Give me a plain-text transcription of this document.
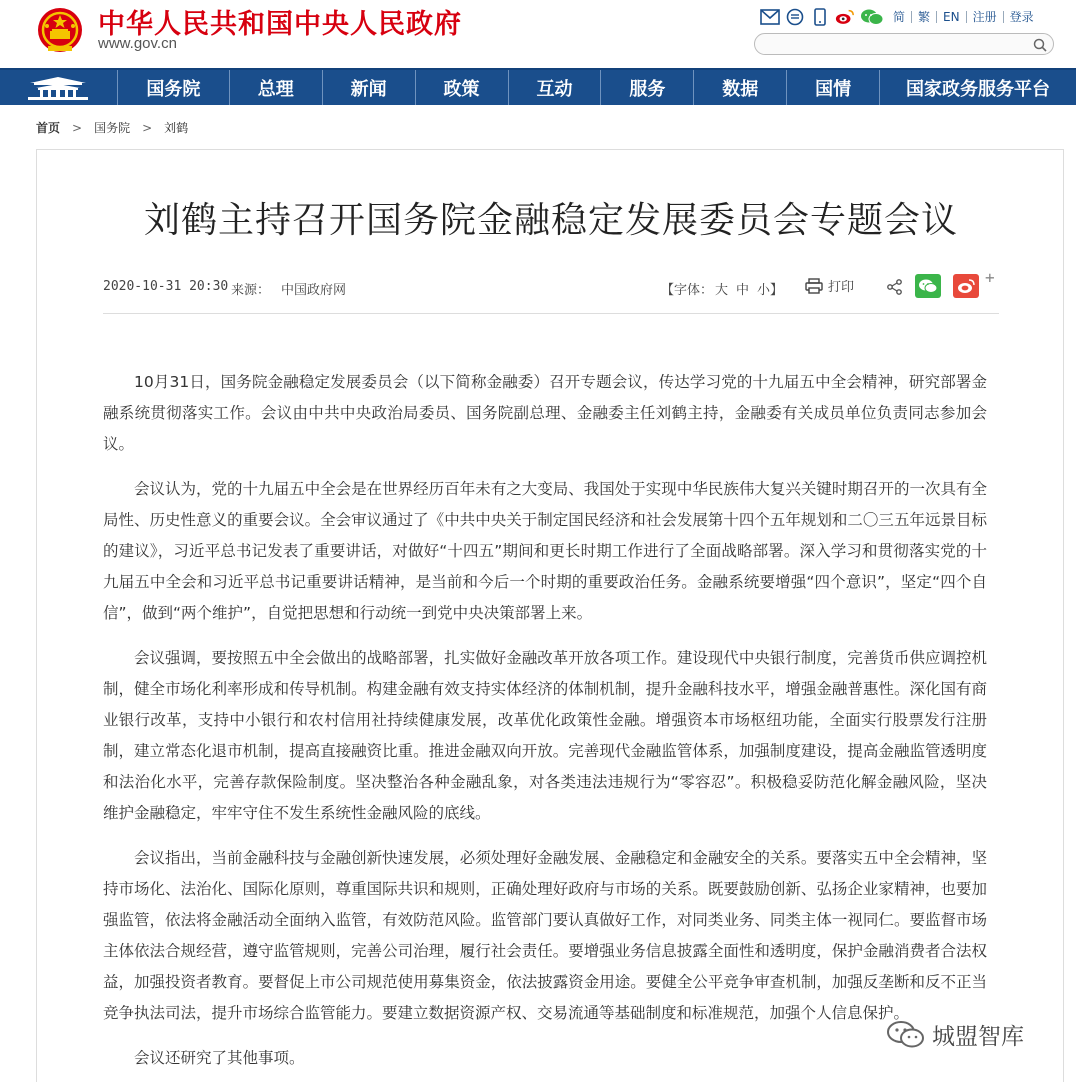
中华人民共和国中央人民政府
www.gov.cn
简	繁	EN	注册	登录
国务院	总理	新闻	政策	互动	服务	数据	国情	国家政务服务平台
首页 > 国务院 > 刘鹤
刘鹤主持召开国务院金融稳定发展委员会专题会议
2020-10-31 20:30 来源： 中国政府网	【字体： 大 中 小】	打印
+

10月31日，国务院金融稳定发展委员会（以下简称金融委）召开专题会议，传达学习党的十九届五中全会精神，研究部署金融系统贯彻落实工作。会议由中共中央政治局委员、国务院副总理、金融委主任刘鹤主持，金融委有关成员单位负责同志参加会议。

会议认为，党的十九届五中全会是在世界经历百年未有之大变局、我国处于实现中华民族伟大复兴关键时期召开的一次具有全局性、历史性意义的重要会议。全会审议通过了《中共中央关于制定国民经济和社会发展第十四个五年规划和二〇三五年远景目标的建议》，习近平总书记发表了重要讲话，对做好“十四五”期间和更长时期工作进行了全面战略部署。深入学习和贯彻落实党的十九届五中全会和习近平总书记重要讲话精神，是当前和今后一个时期的重要政治任务。金融系统要增强“四个意识”，坚定“四个自信”，做到“两个维护”，自觉把思想和行动统一到党中央决策部署上来。

会议强调，要按照五中全会做出的战略部署，扎实做好金融改革开放各项工作。建设现代中央银行制度，完善货币供应调控机制，健全市场化利率形成和传导机制。构建金融有效支持实体经济的体制机制，提升金融科技水平，增强金融普惠性。深化国有商业银行改革，支持中小银行和农村信用社持续健康发展，改革优化政策性金融。增强资本市场枢纽功能，全面实行股票发行注册制，建立常态化退市机制，提高直接融资比重。推进金融双向开放。完善现代金融监管体系，加强制度建设，提高金融监管透明度和法治化水平，完善存款保险制度。坚决整治各种金融乱象，对各类违法违规行为“零容忍”。积极稳妥防范化解金融风险，坚决维护金融稳定，牢牢守住不发生系统性金融风险的底线。

会议指出，当前金融科技与金融创新快速发展，必须处理好金融发展、金融稳定和金融安全的关系。要落实五中全会精神，坚持市场化、法治化、国际化原则，尊重国际共识和规则，正确处理好政府与市场的关系。既要鼓励创新、弘扬企业家精神，也要加强监管，依法将金融活动全面纳入监管，有效防范风险。监管部门要认真做好工作，对同类业务、同类主体一视同仁。要监督市场主体依法合规经营，遵守监管规则，完善公司治理，履行社会责任。要增强业务信息披露全面性和透明度，保护金融消费者合法权益，加强投资者教育。要督促上市公司规范使用募集资金，依法披露资金用途。要健全公平竞争审查机制，加强反垄断和反不正当竞争执法司法，提升市场综合监管能力。要建立数据资源产权、交易流通等基础制度和标准规范，加强个人信息保护。

会议还研究了其他事项。

城盟智库
